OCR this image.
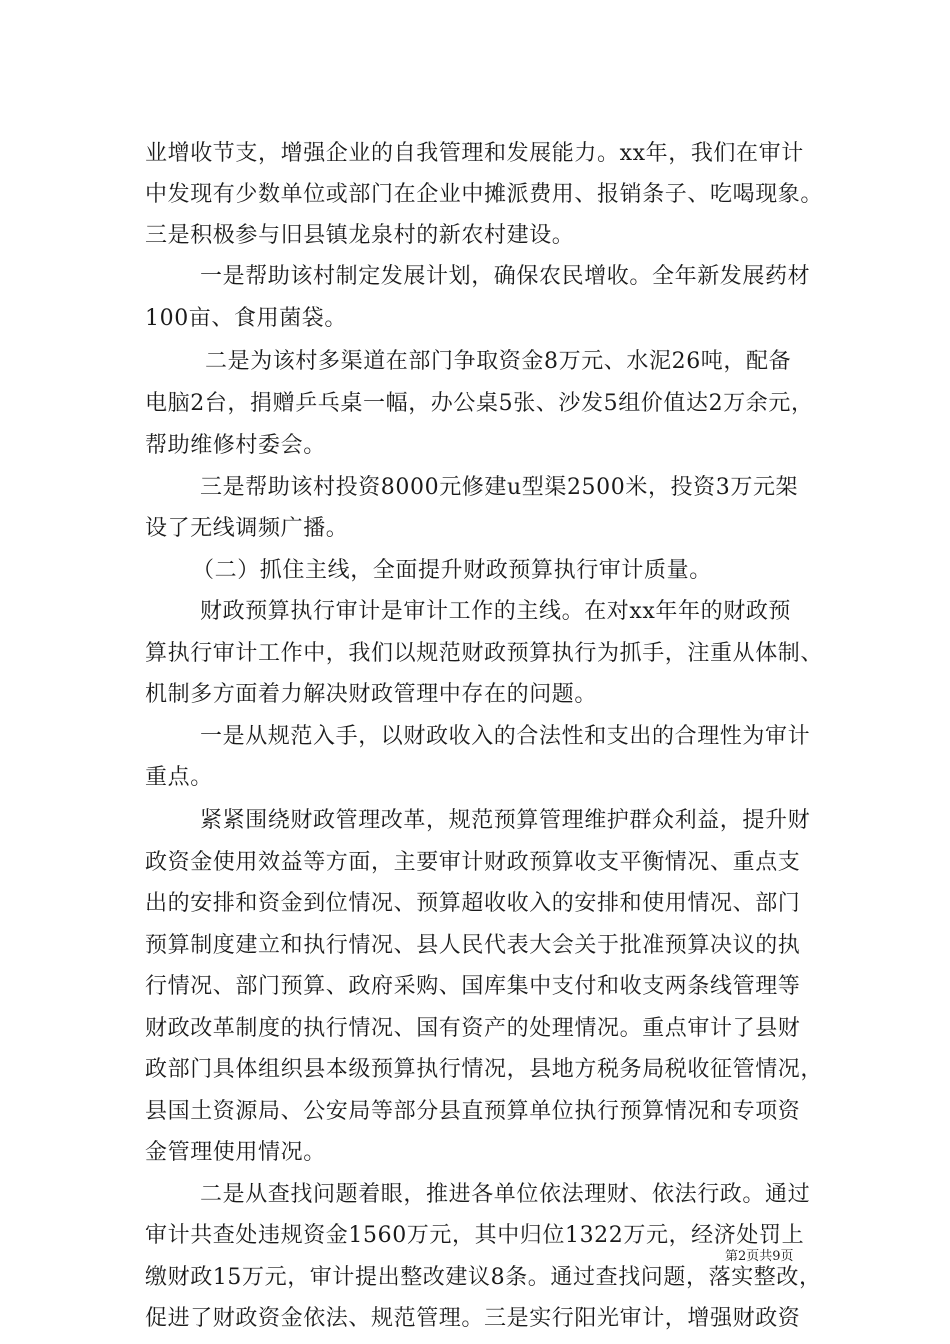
业增收节支，增强企业的自我管理和发展能力。xx年，我们在审计
中发现有少数单位或部门在企业中摊派费用、报销条子、吃喝现象。
三是积极参与旧县镇龙泉村的新农村建设。
一是帮助该村制定发展计划，确保农民增收。全年新发展药材
100亩、食用菌袋。
二是为该村多渠道在部门争取资金8万元、水泥26吨，配备
电脑2台，捐赠乒乓桌一幅，办公桌5张、沙发5组价值达2万余元，
帮助维修村委会。
三是帮助该村投资8000元修建u型渠2500米，投资3万元架
设了无线调频广播。
（二）抓住主线，全面提升财政预算执行审计质量。
财政预算执行审计是审计工作的主线。在对xx年年的财政预
算执行审计工作中，我们以规范财政预算执行为抓手，注重从体制、
机制多方面着力解决财政管理中存在的问题。
一是从规范入手，以财政收入的合法性和支出的合理性为审计
重点。
紧紧围绕财政管理改革，规范预算管理维护群众利益，提升财
政资金使用效益等方面，主要审计财政预算收支平衡情况、重点支
出的安排和资金到位情况、预算超收收入的安排和使用情况、部门
预算制度建立和执行情况、县人民代表大会关于批准预算决议的执
行情况、部门预算、政府采购、国库集中支付和收支两条线管理等
财政改革制度的执行情况、国有资产的处理情况。重点审计了县财
政部门具体组织县本级预算执行情况，县地方税务局税收征管情况，
县国土资源局、公安局等部分县直预算单位执行预算情况和专项资
金管理使用情况。
二是从查找问题着眼，推进各单位依法理财、依法行政。通过
审计共查处违规资金1560万元，其中归位1322万元，经济处罚上
缴财政15万元，审计提出整改建议8条。通过查找问题，落实整改，
促进了财政资金依法、规范管理。三是实行阳光审计，增强财政资
第2页共9页
